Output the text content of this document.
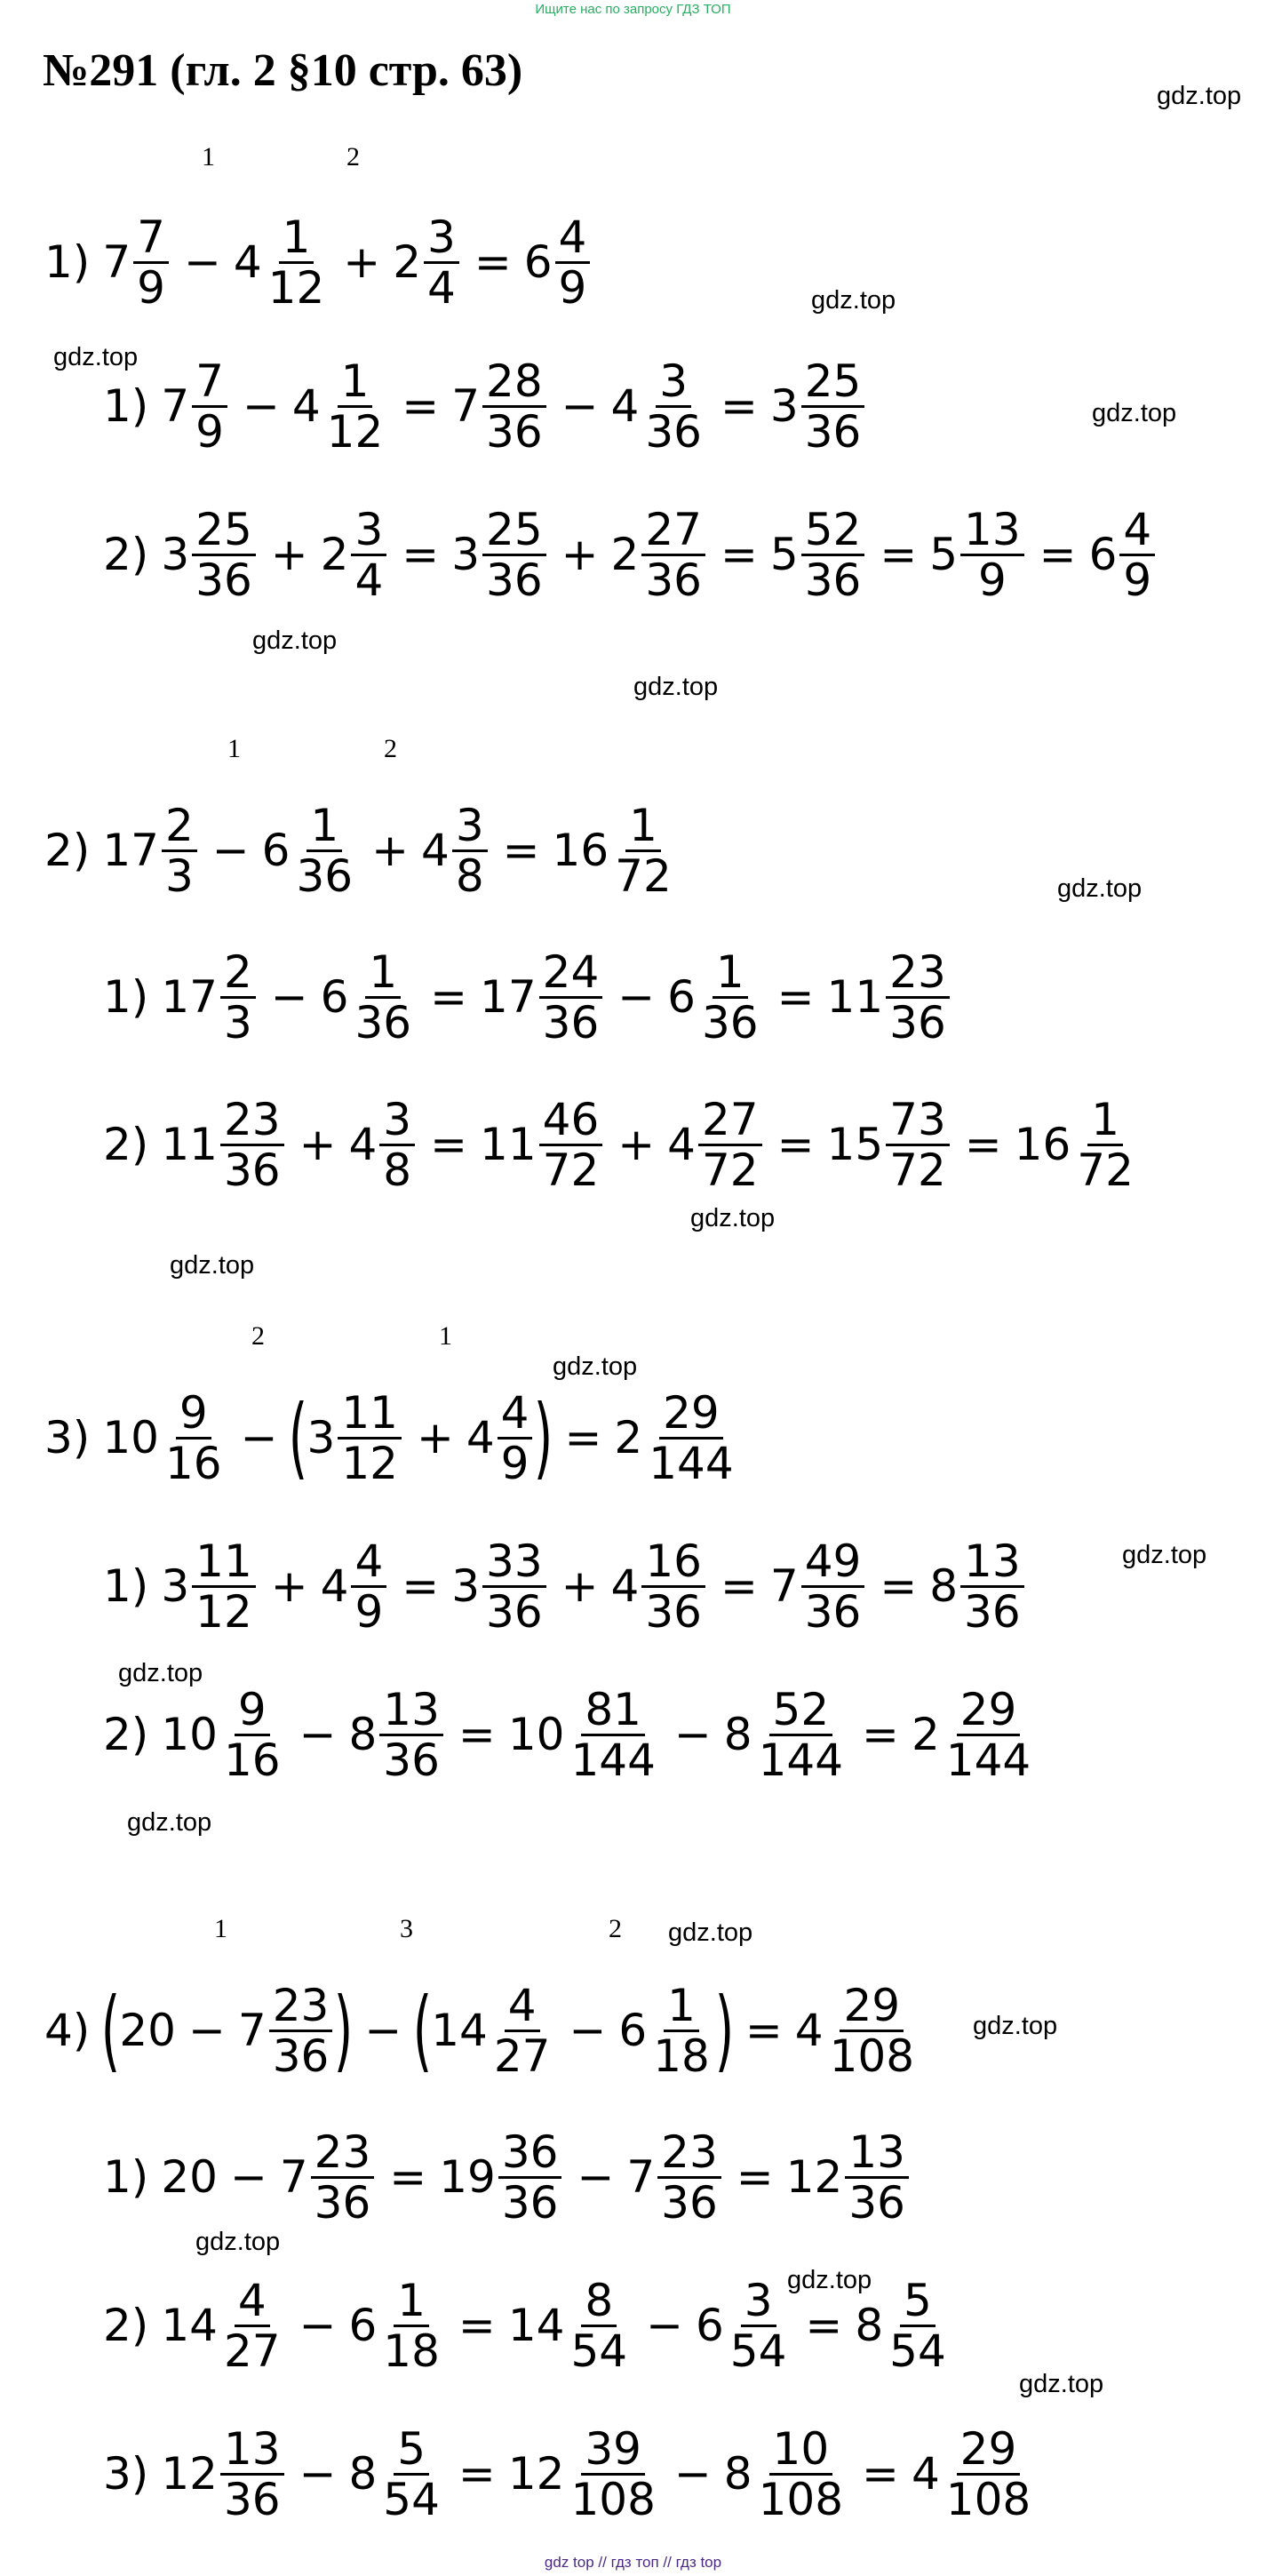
Ищите нас по запросу ГДЗ ТОП
№291 (гл. 2 §10 стр. 63)	gdz.top
gdz.top
gdz.top
gdz.top
gdz.top
gdz.top
gdz.top
gdz.top
gdz.top
gdz.top
gdz.top
gdz.top
gdz.top
gdz.top
gdz.top
gdz.top
gdz.top
gdz.top
1	2
1	2
2	1
1	3	2
1) $7 \frac{7}{9} - 4 \frac{1}{12} + 2 \frac{3}{4} = 6 \frac{4}{9}$
1) $7 \frac{7}{9} - 4 \frac{1}{12} = 7 \frac{28}{36} - 4 \frac{3}{36} = 3 \frac{25}{36}$
2) $3 \frac{25}{36} + 2 \frac{3}{4} = 3 \frac{25}{36} + 2 \frac{27}{36} = 5 \frac{52}{36} = 5 \frac{13}{9} = 6 \frac{4}{9}$
2) $17 \frac{2}{3} - 6 \frac{1}{36} + 4 \frac{3}{8} = 16 \frac{1}{72}$
1) $17 \frac{2}{3} - 6 \frac{1}{36} = 17 \frac{24}{36} - 6 \frac{1}{36} = 11 \frac{23}{36}$
2) $11 \frac{23}{36} + 4 \frac{3}{8} = 11 \frac{46}{72} + 4 \frac{27}{72} = 15 \frac{73}{72} = 16 \frac{1}{72}$
3) $10 \frac{9}{16}$ − (
$3 \frac{11}{12} + 4 \frac{4}{9}$ ) = $2 \frac{29}{144}$
1) $3 \frac{11}{12} + 4 \frac{4}{9} = 3 \frac{33}{36} + 4 \frac{16}{36} = 7 \frac{49}{36} = 8 \frac{13}{36}$
2) $10 \frac{9}{16} - 8 \frac{13}{36} = 10 \frac{81}{144} - 8 \frac{52}{144} = 2 \frac{29}{144}$
4) (
$20 - 7 \frac{23}{36}$ ) − (
$14 \frac{4}{27} - 6 \frac{1}{18}$ ) = $4 \frac{29}{108}$
1) $20 - 7 \frac{23}{36} = 19 \frac{36}{36} - 7 \frac{23}{36} = 12 \frac{13}{36}$
2) $14 \frac{4}{27} - 6 \frac{1}{18} = 14 \frac{8}{54} - 6 \frac{3}{54} = 8 \frac{5}{54}$
3) $12 \frac{13}{36} - 8 \frac{5}{54} = 12 \frac{39}{108} - 8 \frac{10}{108} = 4 \frac{29}{108}$
gdz top // гдз топ // гдз top
